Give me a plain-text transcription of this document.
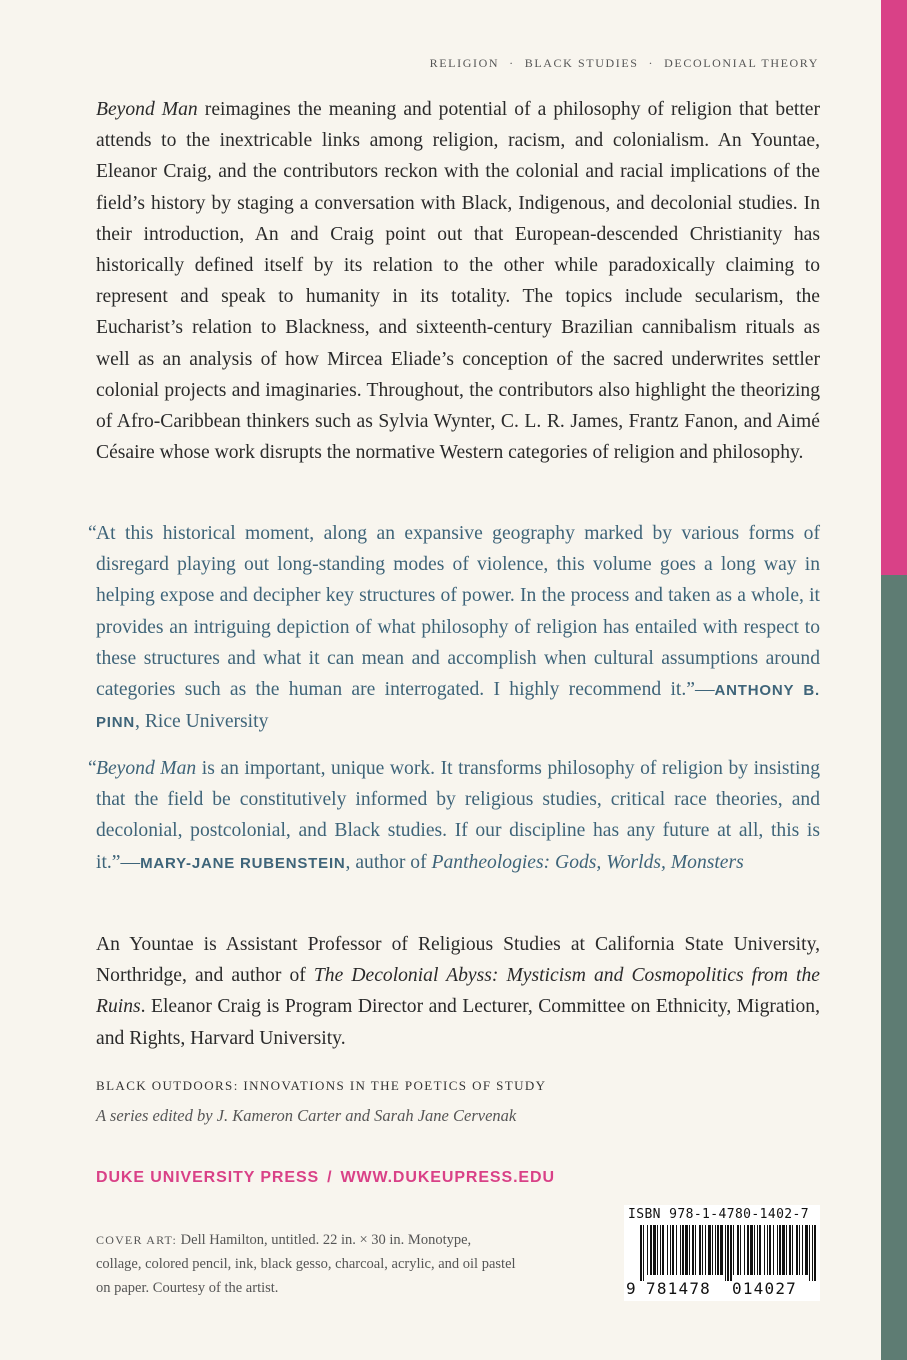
RELIGION · BLACK STUDIES · DECOLONIAL THEORY

Beyond Man reimagines the meaning and potential of a philosophy of religion that better attends to the inextricable links among religion, racism, and colonialism. An Yountae, Eleanor Craig, and the contributors reckon with the colonial and racial implications of the field’s history by staging a conversation with Black, Indigenous, and decolonial studies. In their introduction, An and Craig point out that European-descended Christianity has historically defined itself by its relation to the other while paradoxically claiming to represent and speak to humanity in its totality. The topics include secularism, the Eucharist’s relation to Blackness, and sixteenth-century Brazilian cannibalism rituals as well as an analysis of how Mircea Eliade’s conception of the sacred underwrites settler colonial projects and imaginaries. Throughout, the contributors also highlight the theorizing of Afro-Caribbean thinkers such as Sylvia Wynter, C. L. R. James, Frantz Fanon, and Aimé Césaire whose work disrupts the normative Western categories of religion and philosophy.

“ At this historical moment, along an expansive geography marked by various forms of disregard playing out long-standing modes of violence, this volume goes a long way in helping expose and decipher key structures of power. In the process and taken as a whole, it provides an intriguing depiction of what philosophy of religion has entailed with respect to these structures and what it can mean and accomplish when cultural assumptions around categories such as the human are interrogated. I highly recommend it.”—ANTHONY B. PINN, Rice University

“ Beyond Man is an important, unique work. It transforms philosophy of religion by insisting that the field be constitutively informed by religious studies, critical race theories, and decolonial, postcolonial, and Black studies. If our discipline has any future at all, this is it.”—MARY-JANE RUBENSTEIN, author of Pantheologies: Gods, Worlds, Monsters

An Yountae is Assistant Professor of Religious Studies at California State University, Northridge, and author of The Decolonial Abyss: Mysticism and Cosmopolitics from the Ruins. Eleanor Craig is Program Director and Lecturer, Committee on Ethnicity, Migration, and Rights, Harvard University.

BLACK OUTDOORS: INNOVATIONS IN THE POETICS OF STUDY
A series edited by J. Kameron Carter and Sarah Jane Cervenak
DUKE UNIVERSITY PRESS / WWW.DUKEUPRESS.EDU
COVER ART: Dell Hamilton, untitled. 22 in. × 30 in. Monotype, collage, colored pencil, ink, black gesso, charcoal, acrylic, and oil pastel on paper. Courtesy of the artist.
ISBN 978-1-4780-1402-7
9 781478 014027
